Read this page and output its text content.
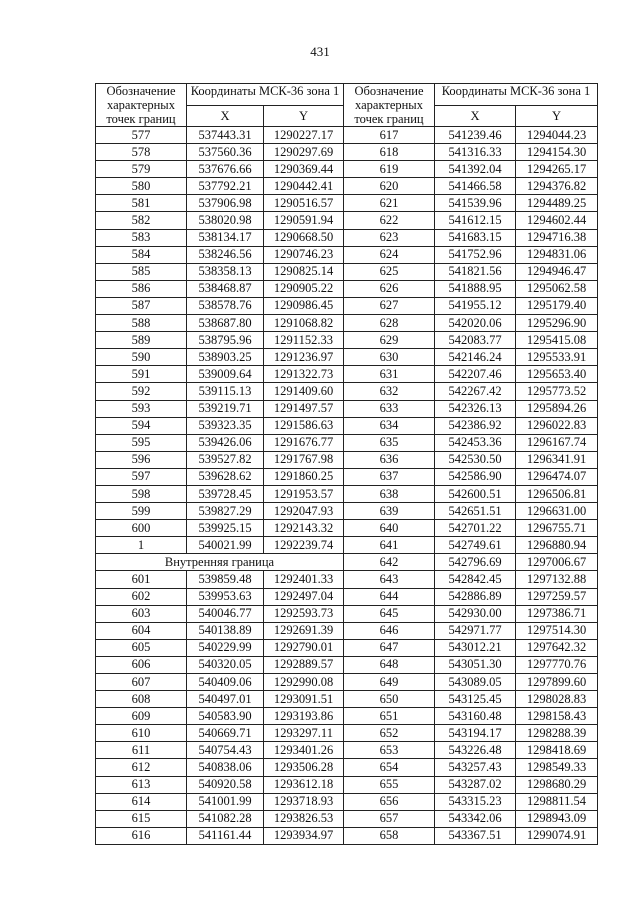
431
Обозначение характерных точек границ	Координаты МСК-36 зона 1		Обозначение характерных точек границ	Координаты МСК-36 зона 1	
	X	Y		X	Y
577	537443.31	1290227.17	617	541239.46	1294044.23
578	537560.36	1290297.69	618	541316.33	1294154.30
579	537676.66	1290369.44	619	541392.04	1294265.17
580	537792.21	1290442.41	620	541466.58	1294376.82
581	537906.98	1290516.57	621	541539.96	1294489.25
582	538020.98	1290591.94	622	541612.15	1294602.44
583	538134.17	1290668.50	623	541683.15	1294716.38
584	538246.56	1290746.23	624	541752.96	1294831.06
585	538358.13	1290825.14	625	541821.56	1294946.47
586	538468.87	1290905.22	626	541888.95	1295062.58
587	538578.76	1290986.45	627	541955.12	1295179.40
588	538687.80	1291068.82	628	542020.06	1295296.90
589	538795.96	1291152.33	629	542083.77	1295415.08
590	538903.25	1291236.97	630	542146.24	1295533.91
591	539009.64	1291322.73	631	542207.46	1295653.40
592	539115.13	1291409.60	632	542267.42	1295773.52
593	539219.71	1291497.57	633	542326.13	1295894.26
594	539323.35	1291586.63	634	542386.92	1296022.83
595	539426.06	1291676.77	635	542453.36	1296167.74
596	539527.82	1291767.98	636	542530.50	1296341.91
597	539628.62	1291860.25	637	542586.90	1296474.07
598	539728.45	1291953.57	638	542600.51	1296506.81
599	539827.29	1292047.93	639	542651.51	1296631.00
600	539925.15	1292143.32	640	542701.22	1296755.71
1	540021.99	1292239.74	641	542749.61	1296880.94
Внутренняя граница			642	542796.69	1297006.67
601	539859.48	1292401.33	643	542842.45	1297132.88
602	539953.63	1292497.04	644	542886.89	1297259.57
603	540046.77	1292593.73	645	542930.00	1297386.71
604	540138.89	1292691.39	646	542971.77	1297514.30
605	540229.99	1292790.01	647	543012.21	1297642.32
606	540320.05	1292889.57	648	543051.30	1297770.76
607	540409.06	1292990.08	649	543089.05	1297899.60
608	540497.01	1293091.51	650	543125.45	1298028.83
609	540583.90	1293193.86	651	543160.48	1298158.43
610	540669.71	1293297.11	652	543194.17	1298288.39
611	540754.43	1293401.26	653	543226.48	1298418.69
612	540838.06	1293506.28	654	543257.43	1298549.33
613	540920.58	1293612.18	655	543287.02	1298680.29
614	541001.99	1293718.93	656	543315.23	1298811.54
615	541082.28	1293826.53	657	543342.06	1298943.09
616	541161.44	1293934.97	658	543367.51	1299074.91
